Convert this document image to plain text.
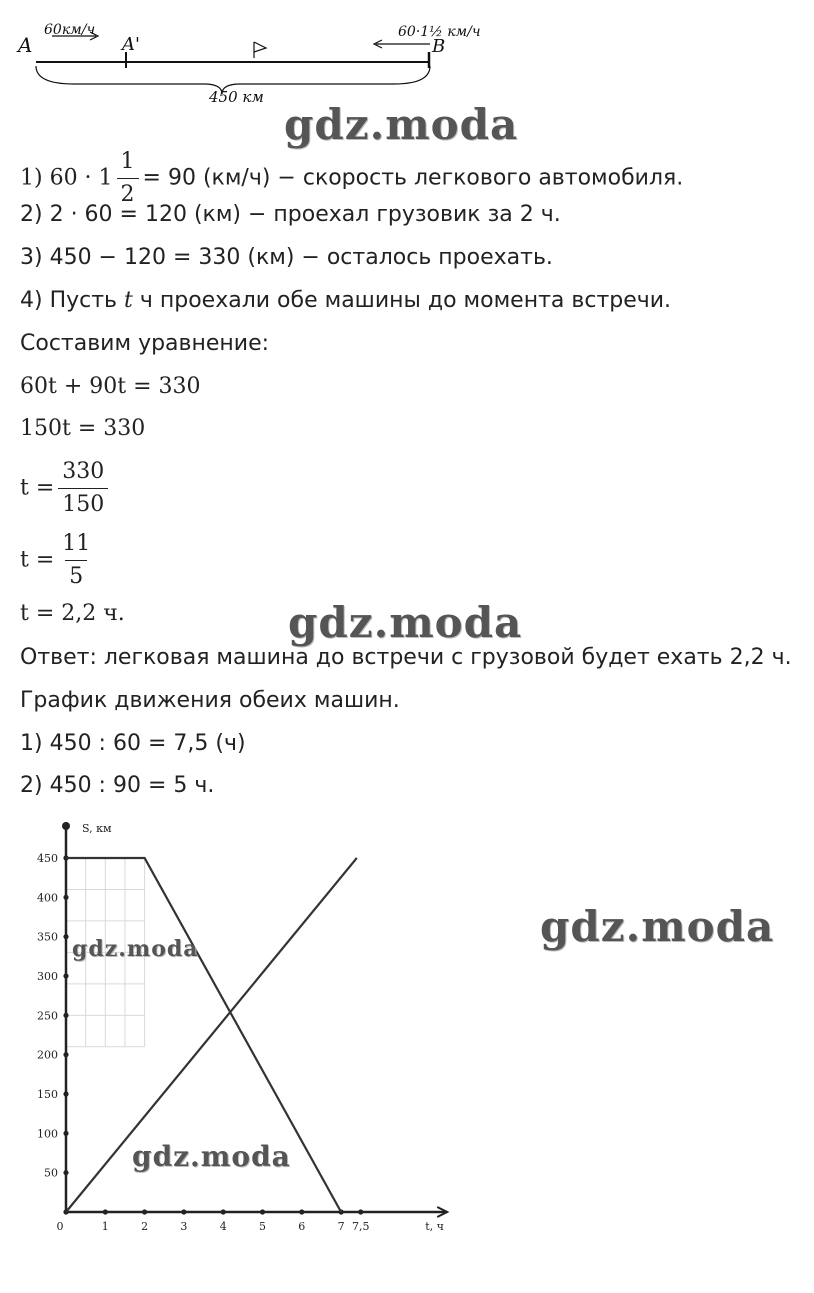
A	A'	B
60км/ч	60·1½ км/ч
450 км
gdz.moda
gdz.moda
gdz.moda
1) $60 \cdot 1 \frac{1}{2} = 90$ (км/ч) − скорость легкового автомобиля.
2) 2 · 60 = 120 (км) − проехал грузовик за 2 ч.
3) 450 − 120 = 330 (км) − осталось проехать.
4) Пусть t ч проехали обе машины до момента встречи.
Составим уравнение:
60t + 90t = 330
150t = 330
$t = \frac{330}{150}$
$t = \frac{11}{5}$
t = 2,2 ч.
Ответ: легковая машина до встречи с грузовой будет ехать 2,2 ч.
График движения обеих машин.
1) 450 : 60 = 7,5 (ч)
2) 450 : 90 = 5 ч.
S, км
t, ч
50
100
150
200
250
300
350
400
450
0	1	2	3	4	5	6	7 7,5
gdz.moda
gdz.moda
